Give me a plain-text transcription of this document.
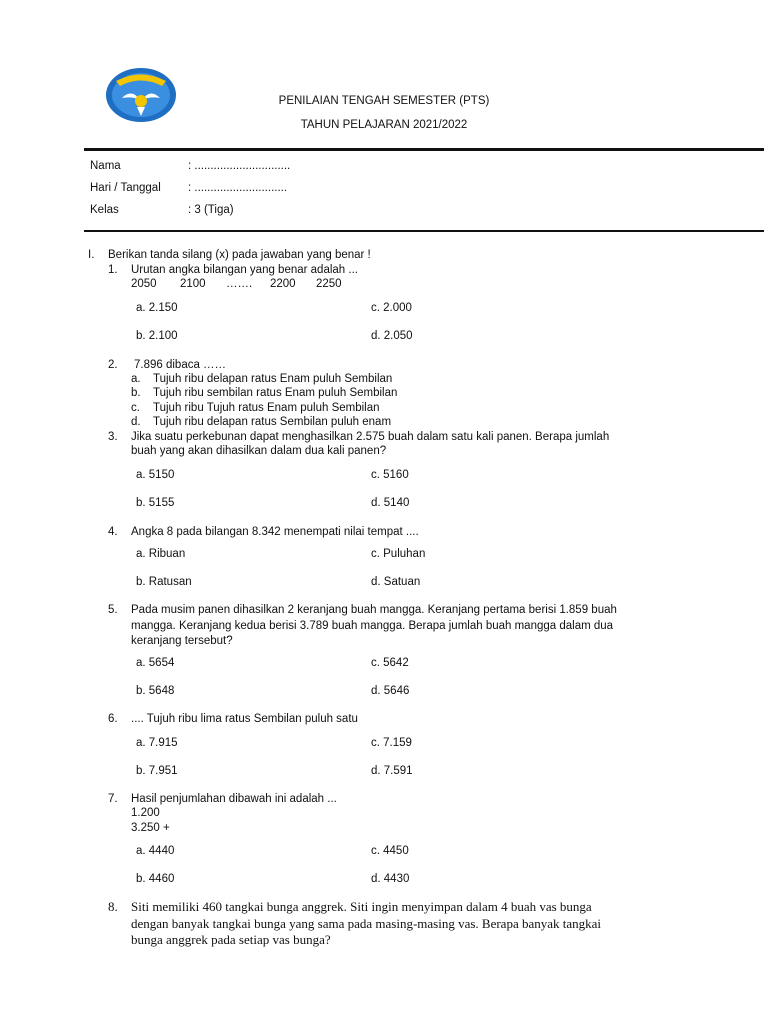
PENILAIAN TENGAH SEMESTER (PTS)
TAHUN PELAJARAN 2021/2022
Nama	: ..............................
Hari / Tanggal : .............................
Kelas	: 3 (Tiga)
I. Berikan tanda silang (x) pada jawaban yang benar !
1. Urutan angka bilangan yang benar adalah ...
2050 2100 ……. 2200 2250
a. 2.150	c. 2.000
b. 2.100	d. 2.050
2. 7.896 dibaca ……
a. Tujuh ribu delapan ratus Enam puluh Sembilan
b. Tujuh ribu sembilan ratus Enam puluh Sembilan
c. Tujuh ribu Tujuh ratus Enam puluh Sembilan
d. Tujuh ribu delapan ratus Sembilan puluh enam
3. Jika suatu perkebunan dapat menghasilkan 2.575 buah dalam satu kali panen. Berapa jumlah
buah yang akan dihasilkan dalam dua kali panen?
a. 5150	c. 5160
b. 5155	d. 5140
4. Angka 8 pada bilangan 8.342 menempati nilai tempat ....
a. Ribuan	c. Puluhan
b. Ratusan	d. Satuan
5. Pada musim panen dihasilkan 2 keranjang buah mangga. Keranjang pertama berisi 1.859 buah
mangga. Keranjang kedua berisi 3.789 buah mangga. Berapa jumlah buah mangga dalam dua
keranjang tersebut?
a. 5654	c. 5642
b. 5648	d. 5646
6. .... Tujuh ribu lima ratus Sembilan puluh satu
a. 7.915	c. 7.159
b. 7.951	d. 7.591
7. Hasil penjumlahan dibawah ini adalah ...
1.200
3.250 +
a. 4440	c. 4450
b. 4460	d. 4430
8. Siti memiliki 460 tangkai bunga anggrek. Siti ingin menyimpan dalam 4 buah vas bunga
dengan banyak tangkai bunga yang sama pada masing-masing vas. Berapa banyak tangkai
bunga anggrek pada setiap vas bunga?
